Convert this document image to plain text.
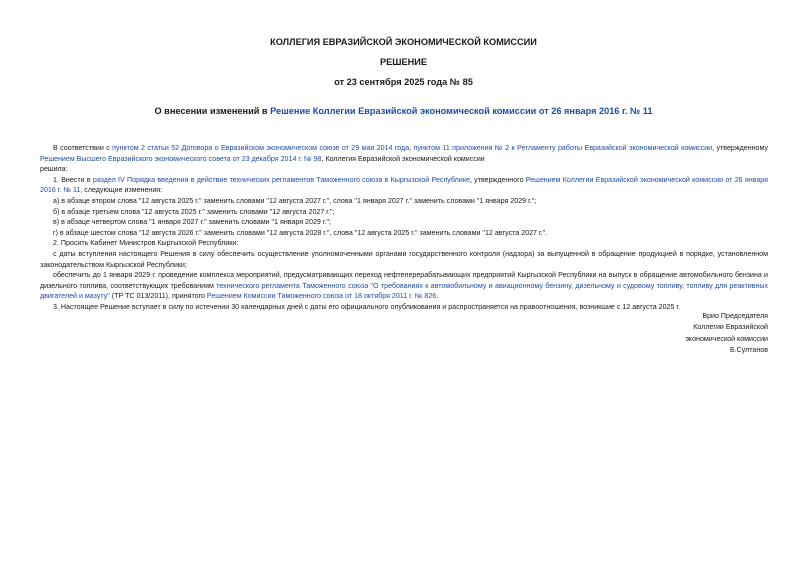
КОЛЛЕГИЯ ЕВРАЗИЙСКОЙ ЭКОНОМИЧЕСКОЙ КОМИССИИ
РЕШЕНИЕ
от 23 сентября 2025 года № 85
О внесении изменений в Решение Коллегии Евразийской экономической комиссии от 26 января 2016 г. № 11

В соответствии с пунктом 2 статьи 52 Договора о Евразийском экономическом союзе от 29 мая 2014 года, пунктом 11 приложения № 2 к Регламенту работы Евразийской экономической комиссии, утвержденному Решением Высшего Евразийского экономического совета от 23 декабря 2014 г. № 98, Коллегия Евразийской экономической комиссии

решила:

1. Внести в раздел IV Порядка введения в действие технических регламентов Таможенного союза в Кыргызской Республике, утвержденного Решением Коллегии Евразийской экономической комиссии от 26 января 2016 г. № 11, следующие изменения:

а) в абзаце втором слова "12 августа 2025 г." заменить словами "12 августа 2027 г.", слова "1 января 2027 г." заменить словами "1 января 2029 г.";

б) в абзаце третьем слова "12 августа 2025 г." заменить словами "12 августа 2027 г.";

в) в абзаце четвертом слова "1 января 2027 г." заменить словами "1 января 2029 г.";

г) в абзаце шестом слова "12 августа 2026 г." заменить словами "12 августа 2028 г.", слова "12 августа 2025 г." заменить словами "12 августа 2027 г.".

2. Просить Кабинет Министров Кыргызской Республики:

с даты вступления настоящего Решения в силу обеспечить осуществление уполномоченными органами государственного контроля (надзора) за выпущенной в обращение продукцией в порядке, установленном законодательством Кыргызской Республики;

обеспечить до 1 января 2029 г. проведение комплекса мероприятий, предусматривающих переход нефтеперерабатывающих предприятий Кыргызской Республики на выпуск в обращение автомобильного бензина и дизельного топлива, соответствующих требованиям технического регламента Таможенного союза "О требованиях к автомобильному и авиационному бензину, дизельному и судовому топливу, топливу для реактивных двигателей и мазуту" (ТР ТС 013/2011), принятого Решением Комиссии Таможенного союза от 18 октября 2011 г. № 826.

3. Настоящее Решение вступает в силу по истечении 30 календарных дней с даты его официального опубликования и распространяется на правоотношения, возникшие с 12 августа 2025 г.

Врио Председателя
Коллегии Евразийской
экономической комиссии
Б.Султанов
